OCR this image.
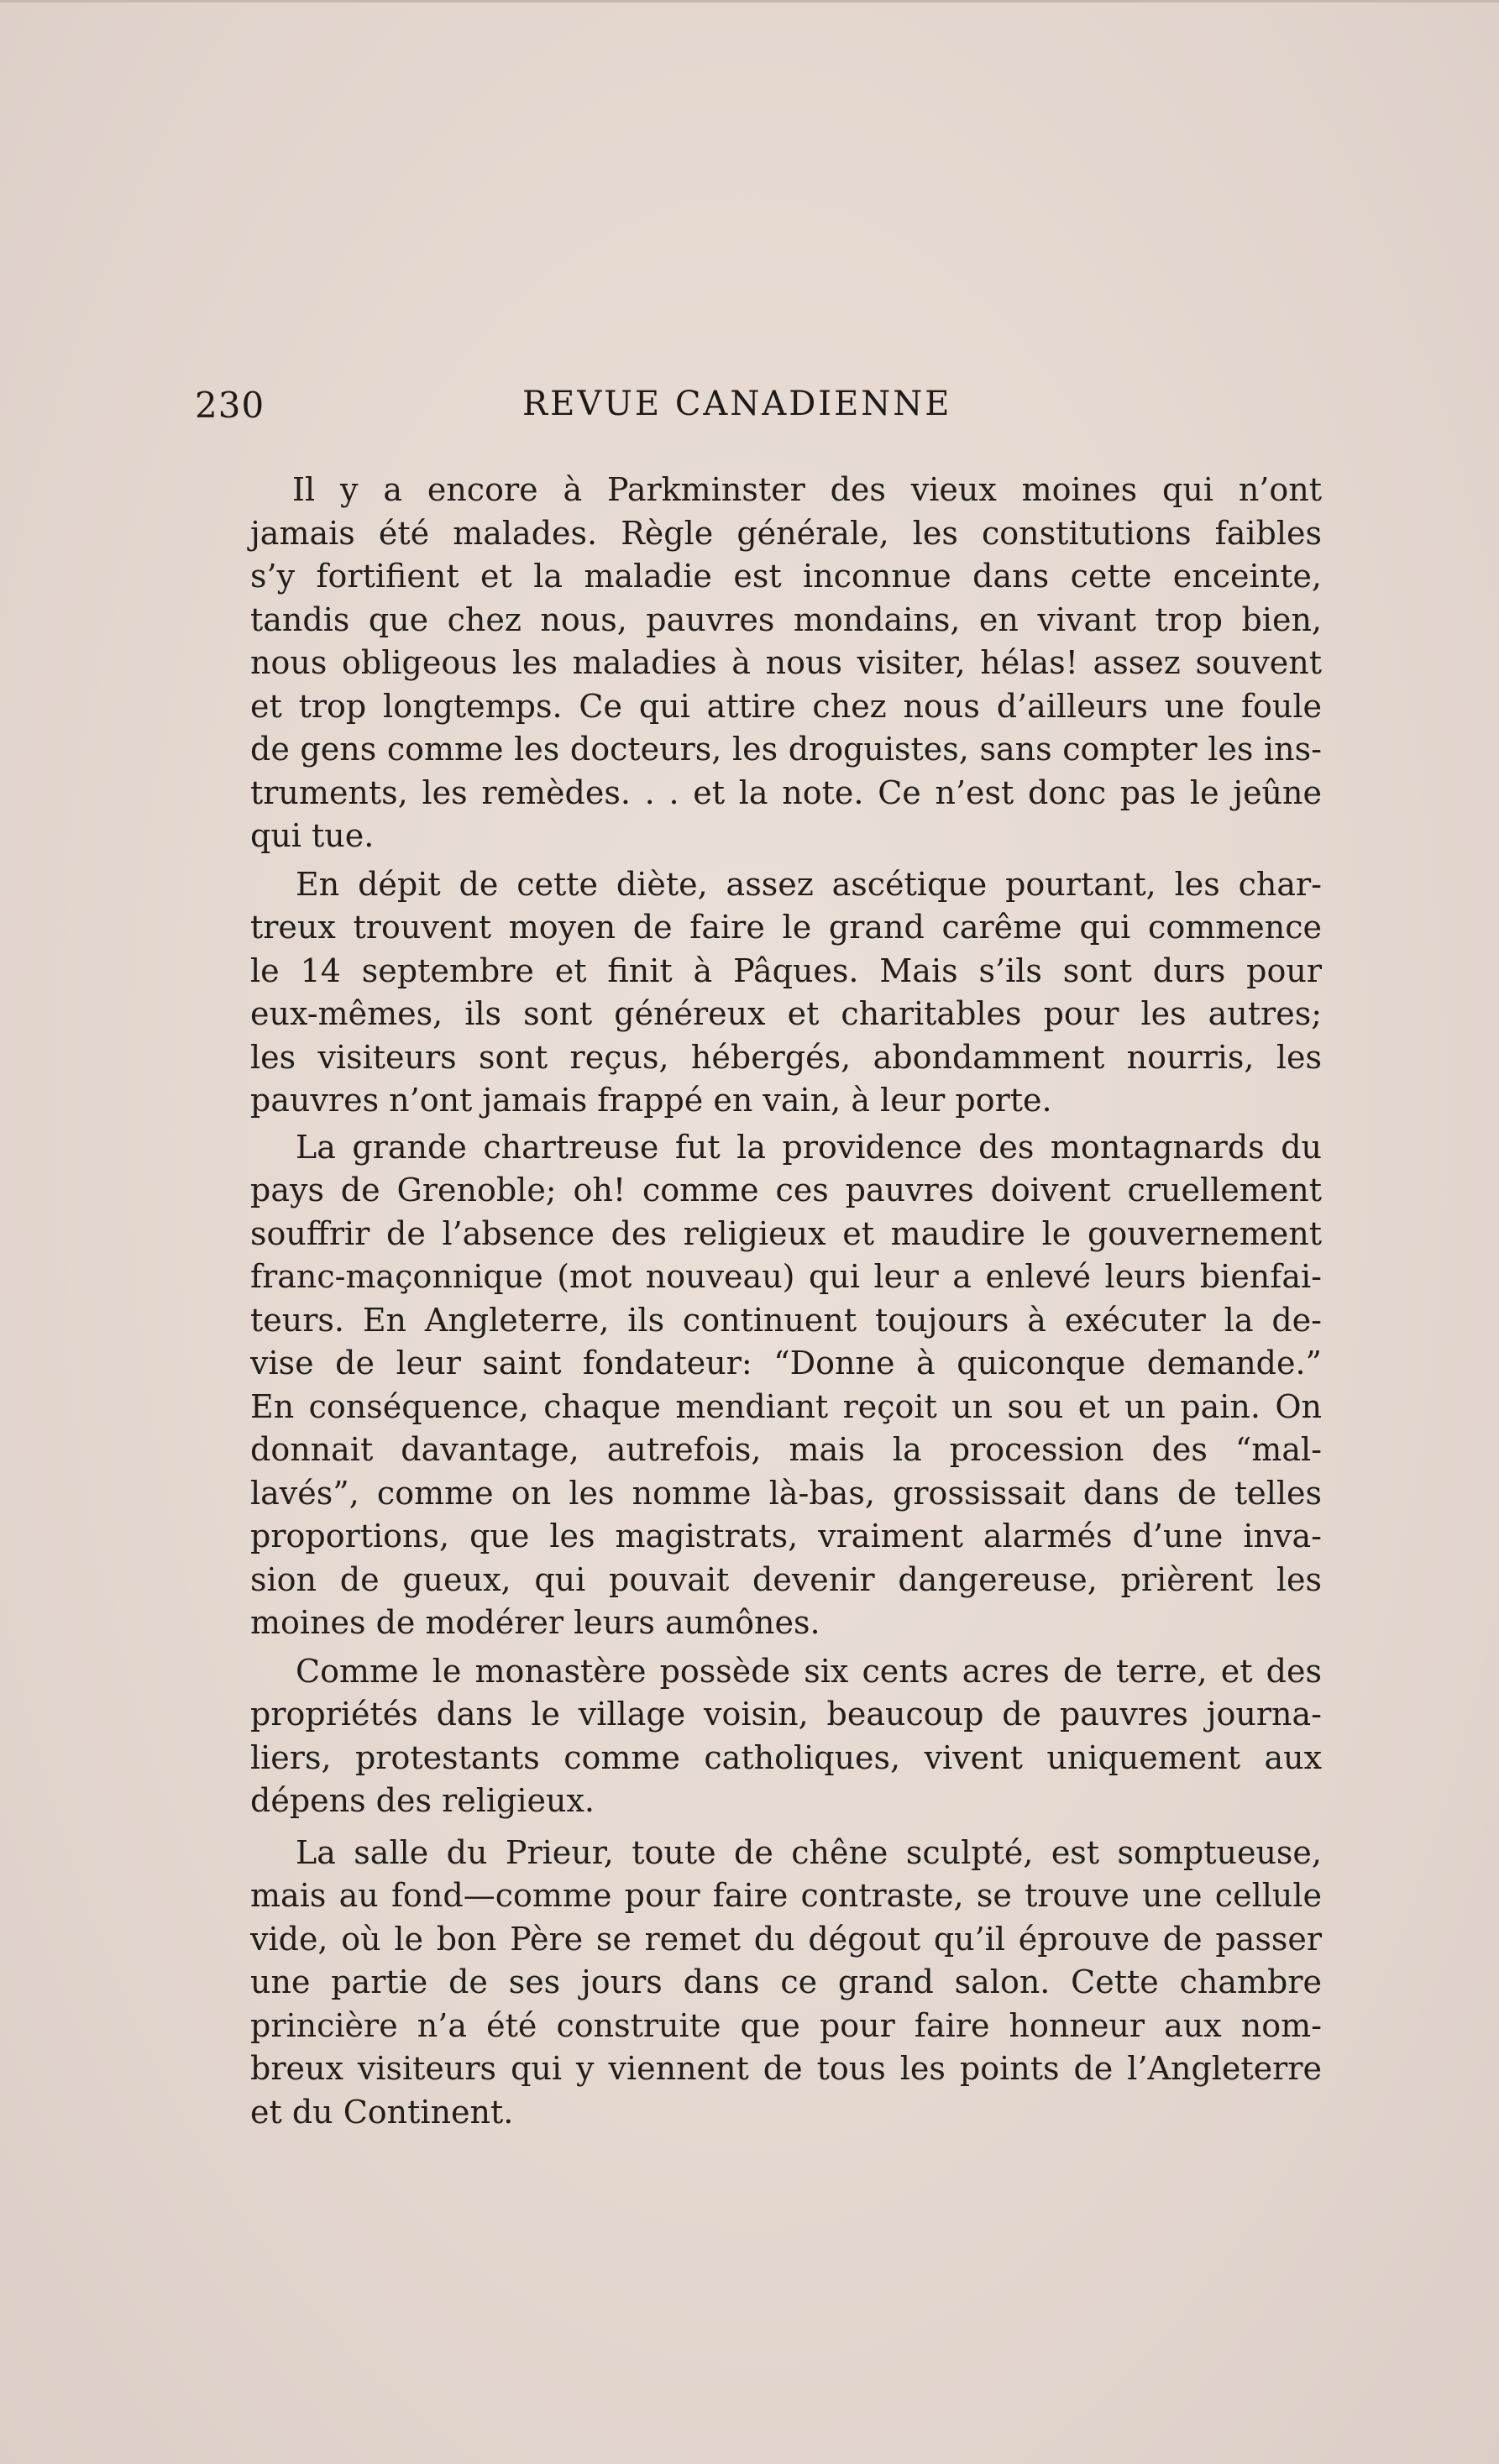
230	REVUE CANADIENNE
Il y a encore à Parkminster des vieux moines qui n’ont
jamais été malades. Règle générale, les constitutions faibles
s’y fortifient et la maladie est inconnue dans cette enceinte,
tandis que chez nous, pauvres mondains, en vivant trop bien,
nous obligeous les maladies à nous visiter, hélas! assez souvent
et trop longtemps. Ce qui attire chez nous d’ailleurs une foule
de gens comme les docteurs, les droguistes, sans compter les ins-
truments, les remèdes. . . et la note. Ce n’est donc pas le jeûne
qui tue.
En dépit de cette diète, assez ascétique pourtant, les char-
treux trouvent moyen de faire le grand carême qui commence
le 14 septembre et finit à Pâques. Mais s’ils sont durs pour
eux-mêmes, ils sont généreux et charitables pour les autres;
les visiteurs sont reçus, hébergés, abondamment nourris, les
pauvres n’ont jamais frappé en vain, à leur porte.
La grande chartreuse fut la providence des montagnards du
pays de Grenoble; oh! comme ces pauvres doivent cruellement
souffrir de l’absence des religieux et maudire le gouvernement
franc-maçonnique (mot nouveau) qui leur a enlevé leurs bienfai-
teurs. En Angleterre, ils continuent toujours à exécuter la de-
vise de leur saint fondateur: “Donne à quiconque demande.”
En conséquence, chaque mendiant reçoit un sou et un pain. On
donnait davantage, autrefois, mais la procession des “mal-
lavés”, comme on les nomme là-bas, grossissait dans de telles
proportions, que les magistrats, vraiment alarmés d’une inva-
sion de gueux, qui pouvait devenir dangereuse, prièrent les
moines de modérer leurs aumônes.
Comme le monastère possède six cents acres de terre, et des
propriétés dans le village voisin, beaucoup de pauvres journa-
liers, protestants comme catholiques, vivent uniquement aux
dépens des religieux.
La salle du Prieur, toute de chêne sculpté, est somptueuse,
mais au fond—comme pour faire contraste, se trouve une cellule
vide, où le bon Père se remet du dégout qu’il éprouve de passer
une partie de ses jours dans ce grand salon. Cette chambre
princière n’a été construite que pour faire honneur aux nom-
breux visiteurs qui y viennent de tous les points de l’Angleterre
et du Continent.
